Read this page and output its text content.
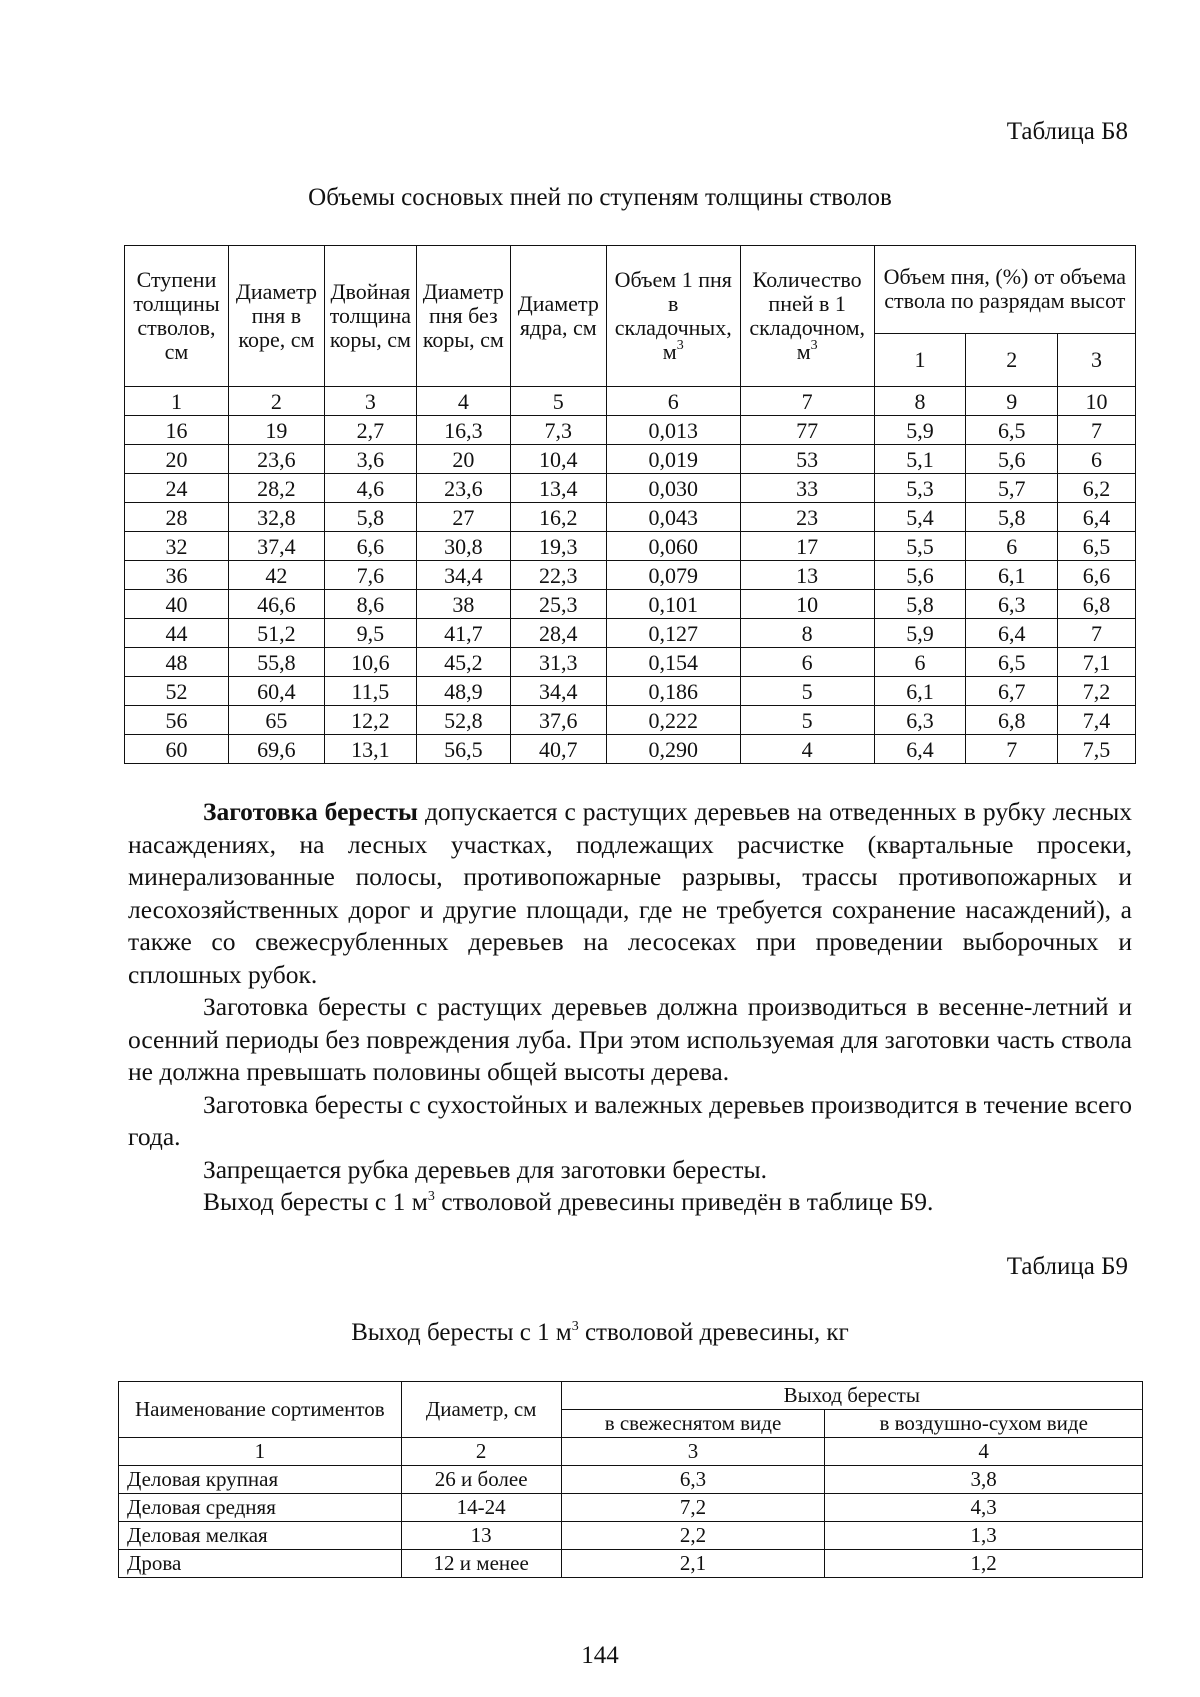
Таблица Б8
Объемы сосновых пней по ступеням толщины стволов
Ступени толщины стволов, см	Диаметр пня в коре, см	Двойная толщина коры, см	Диаметр пня без коры, см	Диаметр ядра, см	Объем 1 пня в складочных, $м^3$	Количество пней в 1 складочном, $м^3$	Объем пня, (%) от объема ствола по разрядам высот		
							1	2	3
1	2	3	4	5	6	7	8	9	10
16	19	2,7	16,3	7,3	0,013	77	5,9	6,5	7
20	23,6	3,6	20	10,4	0,019	53	5,1	5,6	6
24	28,2	4,6	23,6	13,4	0,030	33	5,3	5,7	6,2
28	32,8	5,8	27	16,2	0,043	23	5,4	5,8	6,4
32	37,4	6,6	30,8	19,3	0,060	17	5,5	6	6,5
36	42	7,6	34,4	22,3	0,079	13	5,6	6,1	6,6
40	46,6	8,6	38	25,3	0,101	10	5,8	6,3	6,8
44	51,2	9,5	41,7	28,4	0,127	8	5,9	6,4	7
48	55,8	10,6	45,2	31,3	0,154	6	6	6,5	7,1
52	60,4	11,5	48,9	34,4	0,186	5	6,1	6,7	7,2
56	65	12,2	52,8	37,6	0,222	5	6,3	6,8	7,4
60	69,6	13,1	56,5	40,7	0,290	4	6,4	7	7,5

Заготовка бересты допускается с растущих деревьев на отведенных в рубку лесных насаждениях, на лесных участках, подлежащих расчистке (квартальные просеки, минерализованные полосы, противопожарные разрывы, трассы противопожарных и лесохозяйственных дорог и другие площади, где не требуется сохранение насаждений), а также со свежесрубленных деревьев на лесосеках при проведении выборочных и сплошных рубок.

Заготовка бересты с растущих деревьев должна производиться в весенне-летний и осенний периоды без повреждения луба. При этом используемая для заготовки часть ствола не должна превышать половины общей высоты дерева.

Заготовка бересты с сухостойных и валежных деревьев производится в течение всего года.

Запрещается рубка деревьев для заготовки бересты.

Выход бересты с 1 $м^3$ стволовой древесины приведён в таблице Б9.

Таблица Б9
Выход бересты с 1 $м^3$ стволовой древесины, кг
Наименование сортиментов	Диаметр, см	Выход бересты	
		в свежеснятом виде	в воздушно-сухом виде
1	2	3	4
Деловая крупная	26 и более	6,3	3,8
Деловая средняя	14-24	7,2	4,3
Деловая мелкая	13	2,2	1,3
Дрова	12 и менее	2,1	1,2
144
